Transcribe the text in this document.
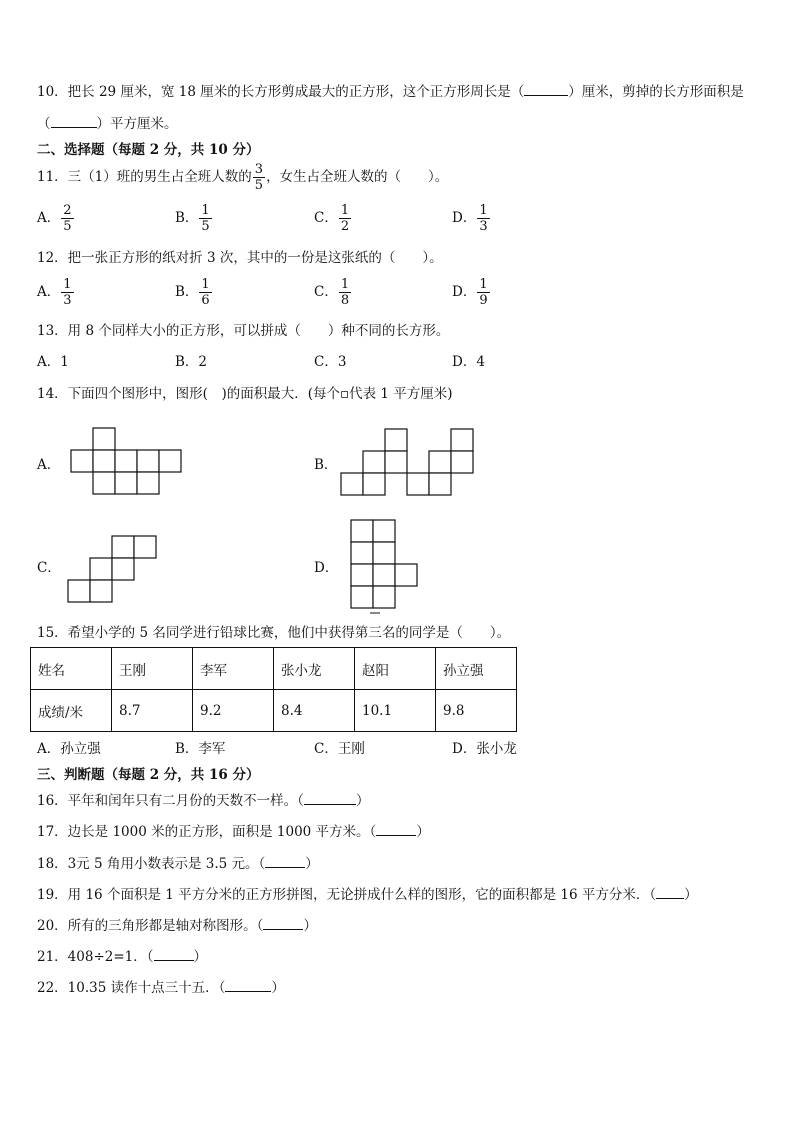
10．把长 29 厘米，宽 18 厘米的长方形剪成最大的正方形，这个正方形周长是（	）厘米，剪掉的长方形面积是
（	）平方厘米。
二、选择题（每题 2 分，共 10 分）
11．三（1）班的男生占全班人数的 $\frac{3}{5}$ ，女生占全班人数的（　　）。
A． $\frac{2}{5}$	B． $\frac{1}{5}$	C． $\frac{1}{2}$	D． $\frac{1}{3}$
12．把一张正方形的纸对折 3 次，其中的一份是这张纸的（　　）。
A． $\frac{1}{3}$	B． $\frac{1}{6}$	C． $\frac{1}{8}$	D． $\frac{1}{9}$
13．用 8 个同样大小的正方形，可以拼成（　　）种不同的长方形。
A．1	B．2	C．3	D．4
14．下面四个图形中，图形(　)的面积最大．(每个▫代表 1 平方厘米)
A．	B．
C．	D．
15．希望小学的 5 名同学进行铅球比赛，他们中获得第三名的同学是（　　）。
姓名	王刚	李军	张小龙	赵阳	孙立强
成绩/米	8.7	9.2	8.4	10.1	9.8
A．孙立强	B．李军	C．王刚	D．张小龙
三、判断题（每题 2 分，共 16 分）
16．平年和闰年只有二月份的天数不一样。（	）
17．边长是 1000 米的正方形，面积是 1000 平方米。（	）
18．3元 5 角用小数表示是 3.5 元。（	）
19．用 16 个面积是 1 平方分米的正方形拼图，无论拼成什么样的图形，它的面积都是 16 平方分米．（ ）
20．所有的三角形都是轴对称图形。（	）
21．408÷2=1．（	）
22．10.35 读作十点三十五．（	）
